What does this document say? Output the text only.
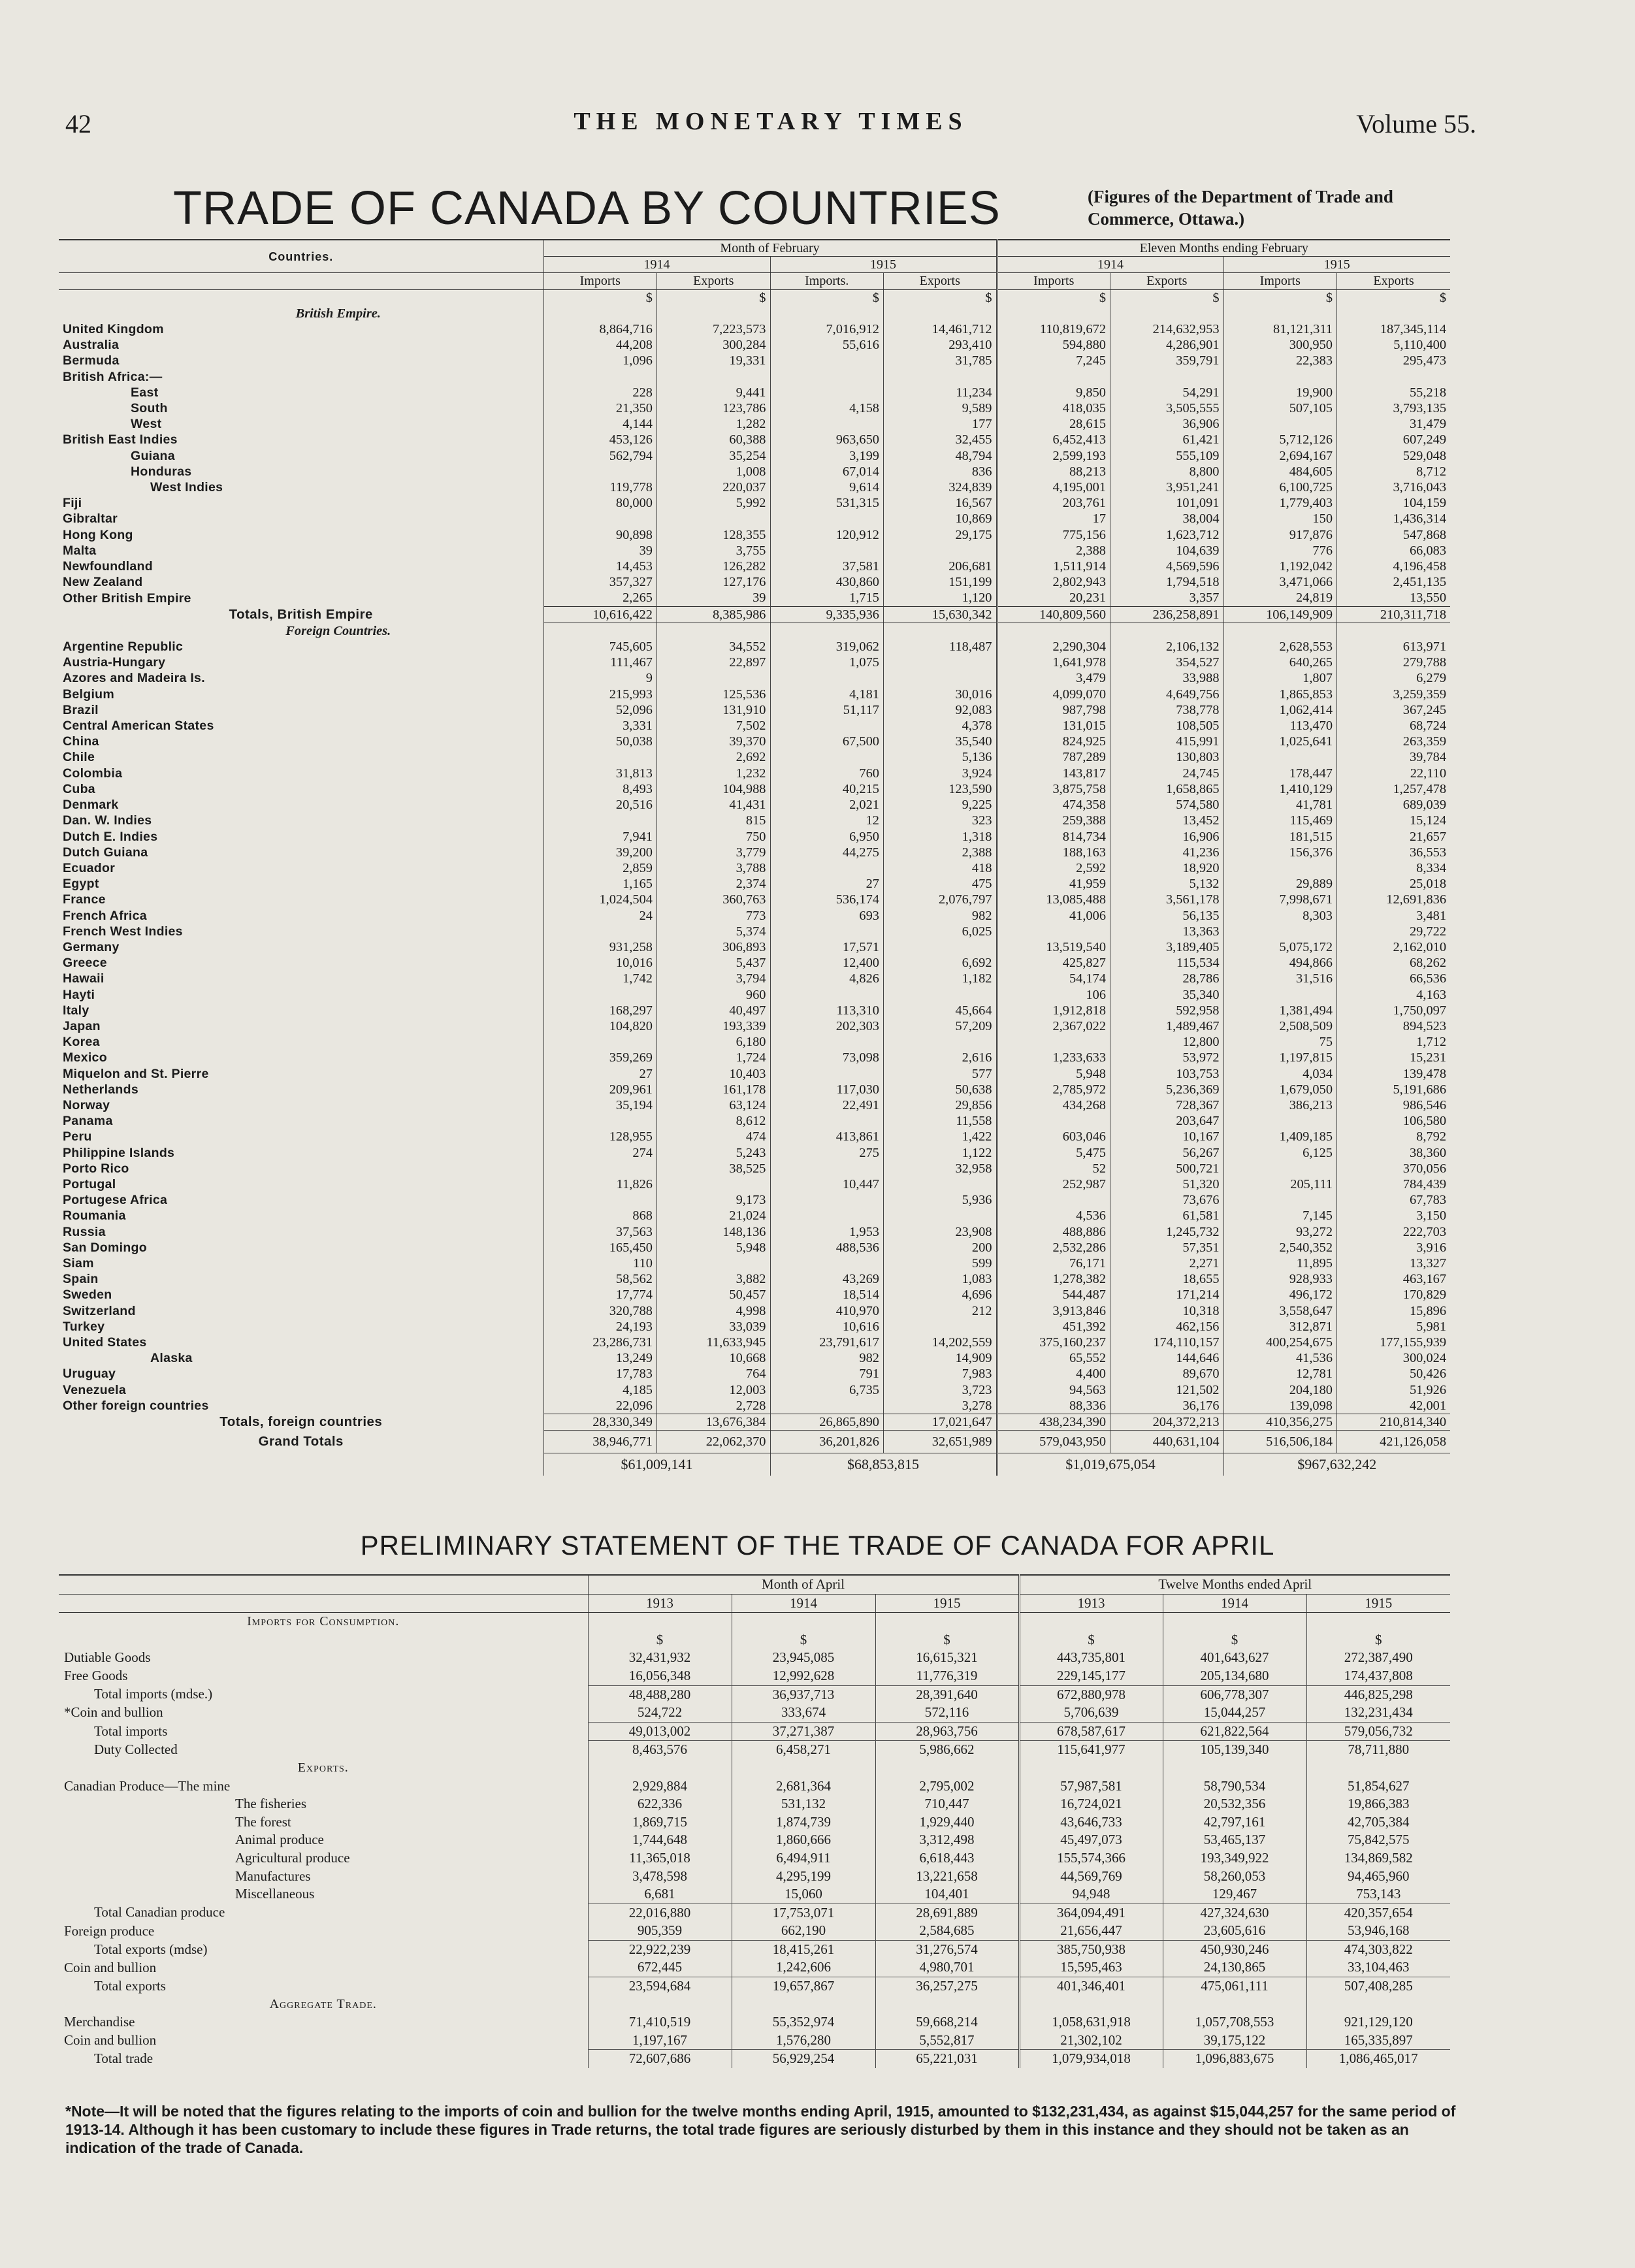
42	THE MONETARY TIMES	Volume 55.
TRADE OF CANADA BY COUNTRIES	(Figures of the Department of Trade and Commerce, Ottawa.)
Countries.	Month of February				Eleven Months ending February			
	1914		1915		1914		1915	
	Imports	Exports	Imports.	Exports	Imports	Exports	Imports	Exports
	$	$	$	$	$	$	$	$
British Empire.								
United Kingdom	8,864,716	7,223,573	7,016,912	14,461,712	110,819,672	214,632,953	81,121,311	187,345,114
Australia	44,208	300,284	55,616	293,410	594,880	4,286,901	300,950	5,110,400
Bermuda	1,096	19,331		31,785	7,245	359,791	22,383	295,473
British Africa:—								
East	228	9,441		11,234	9,850	54,291	19,900	55,218
South	21,350	123,786	4,158	9,589	418,035	3,505,555	507,105	3,793,135
West	4,144	1,282		177	28,615	36,906		31,479
British East Indies	453,126	60,388	963,650	32,455	6,452,413	61,421	5,712,126	607,249
Guiana	562,794	35,254	3,199	48,794	2,599,193	555,109	2,694,167	529,048
Honduras		1,008	67,014	836	88,213	8,800	484,605	8,712
West Indies	119,778	220,037	9,614	324,839	4,195,001	3,951,241	6,100,725	3,716,043
Fiji	80,000	5,992	531,315	16,567	203,761	101,091	1,779,403	104,159
Gibraltar				10,869	17	38,004	150	1,436,314
Hong Kong	90,898	128,355	120,912	29,175	775,156	1,623,712	917,876	547,868
Malta	39	3,755			2,388	104,639	776	66,083
Newfoundland	14,453	126,282	37,581	206,681	1,511,914	4,569,596	1,192,042	4,196,458
New Zealand	357,327	127,176	430,860	151,199	2,802,943	1,794,518	3,471,066	2,451,135
Other British Empire	2,265	39	1,715	1,120	20,231	3,357	24,819	13,550
Totals, British Empire	10,616,422	8,385,986	9,335,936	15,630,342	140,809,560	236,258,891	106,149,909	210,311,718
Foreign Countries.								
Argentine Republic	745,605	34,552	319,062	118,487	2,290,304	2,106,132	2,628,553	613,971
Austria-Hungary	111,467	22,897	1,075		1,641,978	354,527	640,265	279,788
Azores and Madeira Is.	9				3,479	33,988	1,807	6,279
Belgium	215,993	125,536	4,181	30,016	4,099,070	4,649,756	1,865,853	3,259,359
Brazil	52,096	131,910	51,117	92,083	987,798	738,778	1,062,414	367,245
Central American States	3,331	7,502		4,378	131,015	108,505	113,470	68,724
China	50,038	39,370	67,500	35,540	824,925	415,991	1,025,641	263,359
Chile		2,692		5,136	787,289	130,803		39,784
Colombia	31,813	1,232	760	3,924	143,817	24,745	178,447	22,110
Cuba	8,493	104,988	40,215	123,590	3,875,758	1,658,865	1,410,129	1,257,478
Denmark	20,516	41,431	2,021	9,225	474,358	574,580	41,781	689,039
Dan. W. Indies		815	12	323	259,388	13,452	115,469	15,124
Dutch E. Indies	7,941	750	6,950	1,318	814,734	16,906	181,515	21,657
Dutch Guiana	39,200	3,779	44,275	2,388	188,163	41,236	156,376	36,553
Ecuador	2,859	3,788		418	2,592	18,920		8,334
Egypt	1,165	2,374	27	475	41,959	5,132	29,889	25,018
France	1,024,504	360,763	536,174	2,076,797	13,085,488	3,561,178	7,998,671	12,691,836
French Africa	24	773	693	982	41,006	56,135	8,303	3,481
French West Indies		5,374		6,025		13,363		29,722
Germany	931,258	306,893	17,571		13,519,540	3,189,405	5,075,172	2,162,010
Greece	10,016	5,437	12,400	6,692	425,827	115,534	494,866	68,262
Hawaii	1,742	3,794	4,826	1,182	54,174	28,786	31,516	66,536
Hayti		960			106	35,340		4,163
Italy	168,297	40,497	113,310	45,664	1,912,818	592,958	1,381,494	1,750,097
Japan	104,820	193,339	202,303	57,209	2,367,022	1,489,467	2,508,509	894,523
Korea		6,180				12,800	75	1,712
Mexico	359,269	1,724	73,098	2,616	1,233,633	53,972	1,197,815	15,231
Miquelon and St. Pierre	27	10,403		577	5,948	103,753	4,034	139,478
Netherlands	209,961	161,178	117,030	50,638	2,785,972	5,236,369	1,679,050	5,191,686
Norway	35,194	63,124	22,491	29,856	434,268	728,367	386,213	986,546
Panama		8,612		11,558		203,647		106,580
Peru	128,955	474	413,861	1,422	603,046	10,167	1,409,185	8,792
Philippine Islands	274	5,243	275	1,122	5,475	56,267	6,125	38,360
Porto Rico		38,525		32,958	52	500,721		370,056
Portugal	11,826		10,447		252,987	51,320	205,111	784,439
Portugese Africa		9,173		5,936		73,676		67,783
Roumania	868	21,024			4,536	61,581	7,145	3,150
Russia	37,563	148,136	1,953	23,908	488,886	1,245,732	93,272	222,703
San Domingo	165,450	5,948	488,536	200	2,532,286	57,351	2,540,352	3,916
Siam	110			599	76,171	2,271	11,895	13,327
Spain	58,562	3,882	43,269	1,083	1,278,382	18,655	928,933	463,167
Sweden	17,774	50,457	18,514	4,696	544,487	171,214	496,172	170,829
Switzerland	320,788	4,998	410,970	212	3,913,846	10,318	3,558,647	15,896
Turkey	24,193	33,039	10,616		451,392	462,156	312,871	5,981
United States	23,286,731	11,633,945	23,791,617	14,202,559	375,160,237	174,110,157	400,254,675	177,155,939
Alaska	13,249	10,668	982	14,909	65,552	144,646	41,536	300,024
Uruguay	17,783	764	791	7,983	4,400	89,670	12,781	50,426
Venezuela	4,185	12,003	6,735	3,723	94,563	121,502	204,180	51,926
Other foreign countries	22,096	2,728		3,278	88,336	36,176	139,098	42,001
Totals, foreign countries	28,330,349	13,676,384	26,865,890	17,021,647	438,234,390	204,372,213	410,356,275	210,814,340
Grand Totals	38,946,771	22,062,370	36,201,826	32,651,989	579,043,950	440,631,104	516,506,184	421,126,058
	$61,009,141		$68,853,815		$1,019,675,054		$967,632,242	
PRELIMINARY STATEMENT OF THE TRADE OF CANADA FOR APRIL
	Month of April			Twelve Months ended April		
	1913	1914	1915	1913	1914	1915
Imports for Consumption.						
	$	$	$	$	$	$
Dutiable Goods	32,431,932	23,945,085	16,615,321	443,735,801	401,643,627	272,387,490
Free Goods	16,056,348	12,992,628	11,776,319	229,145,177	205,134,680	174,437,808
Total imports (mdse.)	48,488,280	36,937,713	28,391,640	672,880,978	606,778,307	446,825,298
*Coin and bullion	524,722	333,674	572,116	5,706,639	15,044,257	132,231,434
Total imports	49,013,002	37,271,387	28,963,756	678,587,617	621,822,564	579,056,732
Duty Collected	8,463,576	6,458,271	5,986,662	115,641,977	105,139,340	78,711,880
Exports.						
Canadian Produce—The mine	2,929,884	2,681,364	2,795,002	57,987,581	58,790,534	51,854,627
The fisheries	622,336	531,132	710,447	16,724,021	20,532,356	19,866,383
The forest	1,869,715	1,874,739	1,929,440	43,646,733	42,797,161	42,705,384
Animal produce	1,744,648	1,860,666	3,312,498	45,497,073	53,465,137	75,842,575
Agricultural produce	11,365,018	6,494,911	6,618,443	155,574,366	193,349,922	134,869,582
Manufactures	3,478,598	4,295,199	13,221,658	44,569,769	58,260,053	94,465,960
Miscellaneous	6,681	15,060	104,401	94,948	129,467	753,143
Total Canadian produce	22,016,880	17,753,071	28,691,889	364,094,491	427,324,630	420,357,654
Foreign produce	905,359	662,190	2,584,685	21,656,447	23,605,616	53,946,168
Total exports (mdse)	22,922,239	18,415,261	31,276,574	385,750,938	450,930,246	474,303,822
Coin and bullion	672,445	1,242,606	4,980,701	15,595,463	24,130,865	33,104,463
Total exports	23,594,684	19,657,867	36,257,275	401,346,401	475,061,111	507,408,285
Aggregate Trade.						
Merchandise	71,410,519	55,352,974	59,668,214	1,058,631,918	1,057,708,553	921,129,120
Coin and bullion	1,197,167	1,576,280	5,552,817	21,302,102	39,175,122	165,335,897
Total trade	72,607,686	56,929,254	65,221,031	1,079,934,018	1,096,883,675	1,086,465,017
*Note—It will be noted that the figures relating to the imports of coin and bullion for the twelve months ending April, 1915, amounted to $132,231,434, as against $15,044,257 for the same period of 1913-14. Although it has been customary to include these figures in Trade returns, the total trade figures are seriously disturbed by them in this instance and they should not be taken as an indication of the trade of Canada.
